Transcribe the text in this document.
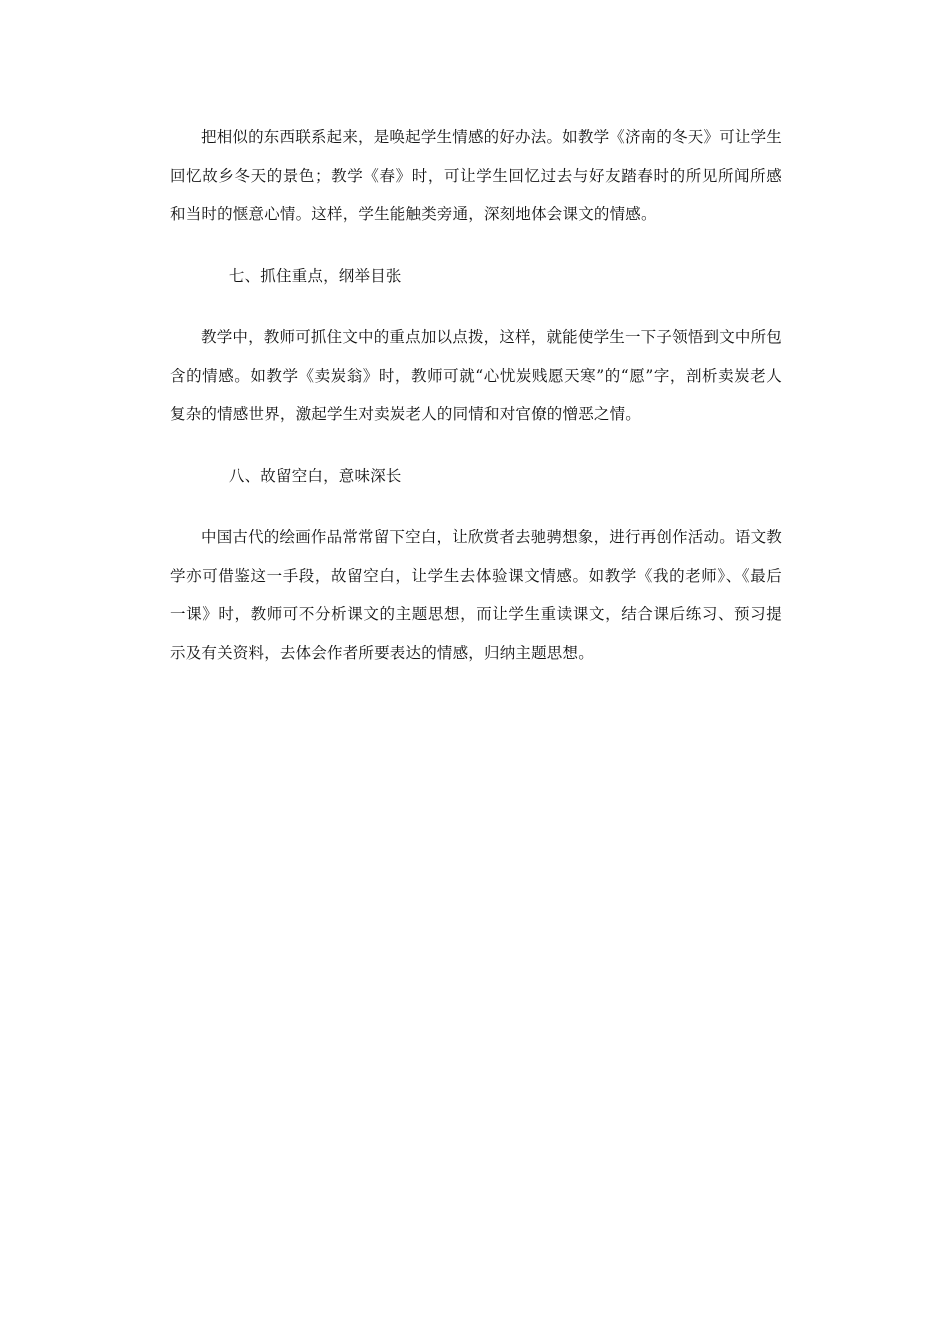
把相似的东西联系起来，是唤起学生情感的好办法。如教学《济南的冬天》可让学生回忆故乡冬天的景色；教学《春》时，可让学生回忆过去与好友踏春时的所见所闻所感和当时的惬意心情。这样，学生能触类旁通，深刻地体会课文的情感。

七、抓住重点，纲举目张

教学中，教师可抓住文中的重点加以点拨，这样，就能使学生一下子领悟到文中所包含的情感。如教学《卖炭翁》时，教师可就“心忧炭贱愿天寒”的“愿”字，剖析卖炭老人复杂的情感世界，激起学生对卖炭老人的同情和对官僚的憎恶之情。

八、故留空白，意味深长

中国古代的绘画作品常常留下空白，让欣赏者去驰骋想象，进行再创作活动。语文教学亦可借鉴这一手段，故留空白，让学生去体验课文情感。如教学《我的老师》、《最后一课》时，教师可不分析课文的主题思想，而让学生重读课文，结合课后练习、预习提示及有关资料，去体会作者所要表达的情感，归纳主题思想。
